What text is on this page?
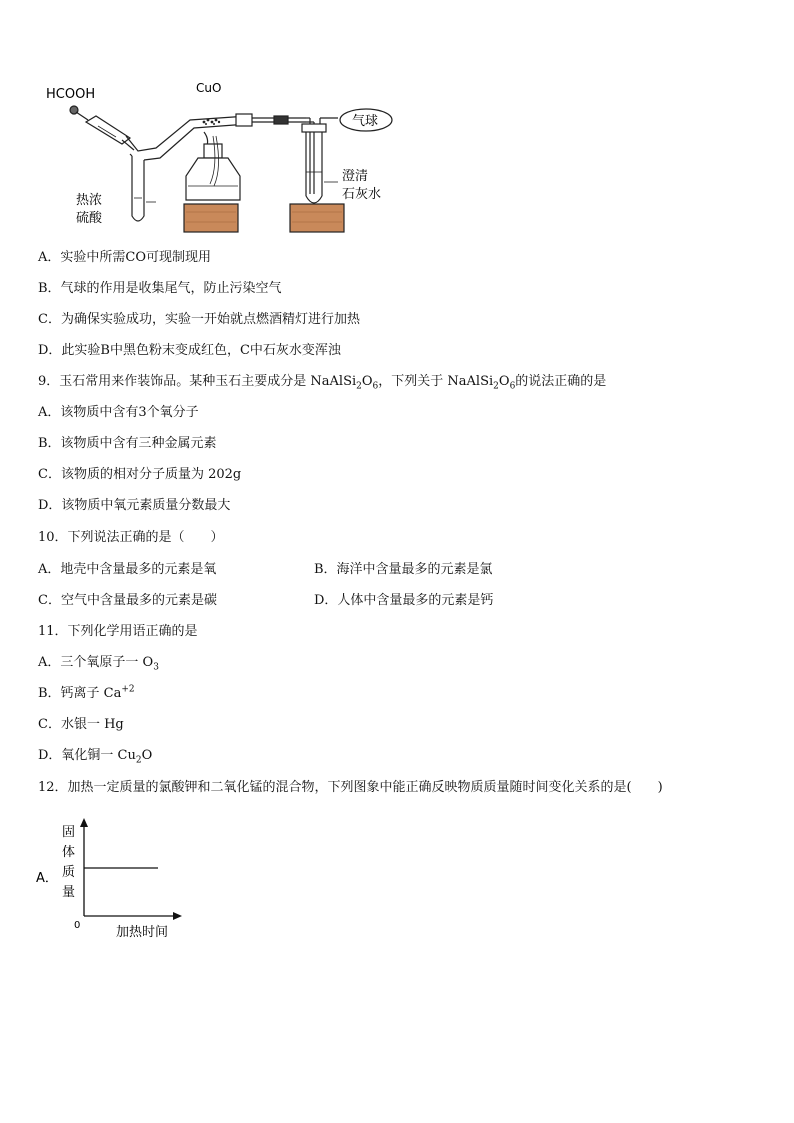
HCOOH	CuO
热浓
硫酸
澄清
石灰水
气球
A．实验中所需CO可现制现用
B．气球的作用是收集尾气，防止污染空气
C．为确保实验成功，实验一开始就点燃酒精灯进行加热
D．此实验B中黑色粉末变成红色，C中石灰水变浑浊
9．玉石常用来作装饰品。某种玉石主要成分是 $NaAlSi_2O_6$，下列关于 $NaAlSi_2O_6$的说法正确的是
A．该物质中含有3个氧分子
B．该物质中含有三种金属元素
C．该物质的相对分子质量为 202g
D．该物质中氧元素质量分数最大
10．下列说法正确的是（　　）
A．地壳中含量最多的元素是氧	B．海洋中含量最多的元素是氯
C．空气中含量最多的元素是碳	D．人体中含量最多的元素是钙
11．下列化学用语正确的是
A．三个氧原子一 $O_3$
B．钙离子 $Ca^{+2}$
C．水银一 Hg
D．氧化铜一 $Cu_2O$
12．加热一定质量的氯酸钾和二氧化锰的混合物，下列图象中能正确反映物质质量随时间变化关系的是(　　)
A．
固
体
质
量
0	加热时间
